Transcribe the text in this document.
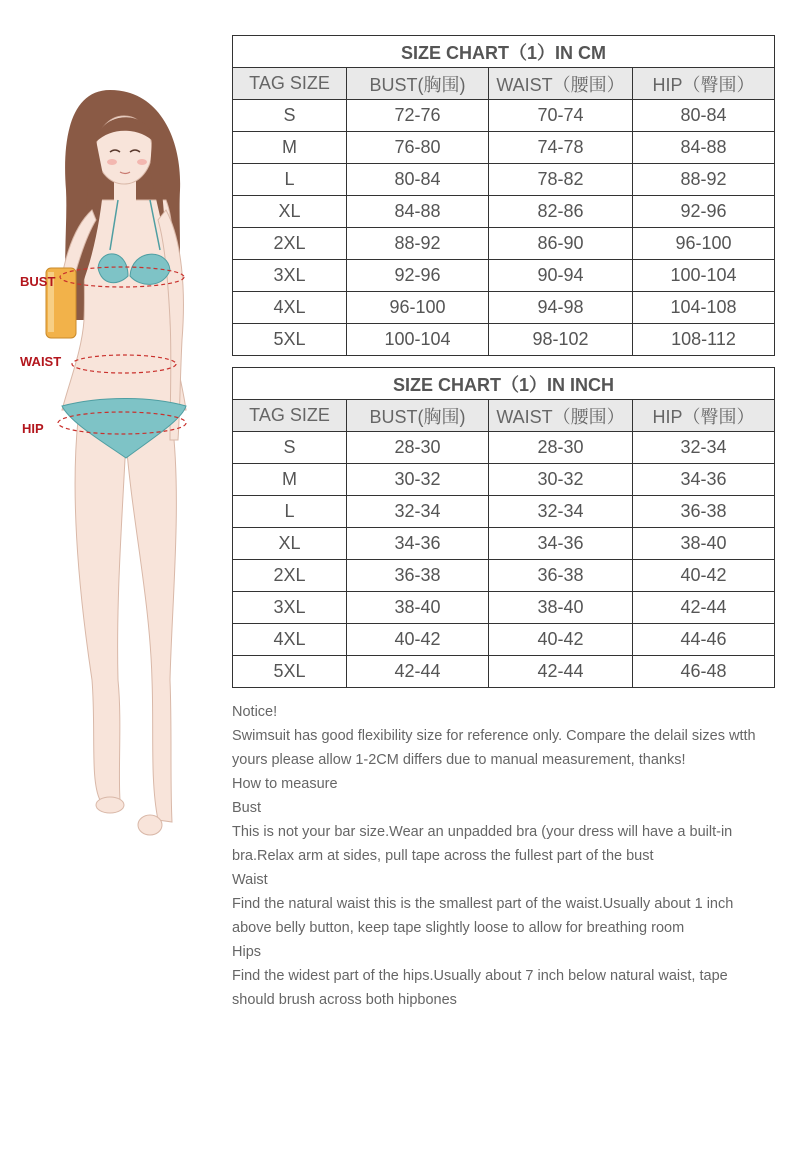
BUST
WAIST
HIP
SIZE CHART（1）IN CM			
TAG SIZE	BUST(胸围)	WAIST（腰围）	HIP（臀围）
S	72-76	70-74	80-84
M	76-80	74-78	84-88
L	80-84	78-82	88-92
XL	84-88	82-86	92-96
2XL	88-92	86-90	96-100
3XL	92-96	90-94	100-104
4XL	96-100	94-98	104-108
5XL	100-104	98-102	108-112
SIZE CHART（1）IN INCH			
TAG SIZE	BUST(胸围)	WAIST（腰围）	HIP（臀围）
S	28-30	28-30	32-34
M	30-32	30-32	34-36
L	32-34	32-34	36-38
XL	34-36	34-36	38-40
2XL	36-38	36-38	40-42
3XL	38-40	38-40	42-44
4XL	40-42	40-42	44-46
5XL	42-44	42-44	46-48

Notice!

Swimsuit has good flexibility size for reference only. Compare the delail sizes wtth

yours please allow 1-2CM differs due to manual measurement, thanks!

How to measure

Bust

This is not your bar size.Wear an unpadded bra (your dress will have a built-in

bra.Relax arm at sides, pull tape across the fullest part of the bust

Waist

Find the natural waist this is the smallest part of the waist.Usually about 1 inch

above belly button, keep tape slightly loose to allow for breathing room

Hips

Find the widest part of the hips.Usually about 7 inch below natural waist, tape

should brush across both hipbones
